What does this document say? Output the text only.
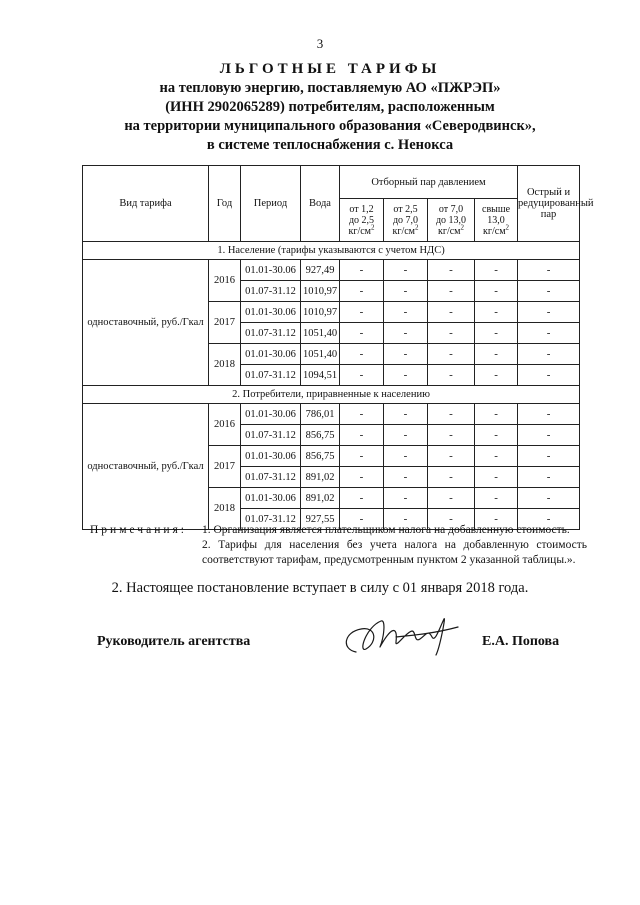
3
ЛЬГОТНЫЕ ТАРИФЫ
на тепловую энергию, поставляемую АО «ПЖРЭП»
(ИНН 2902065289) потребителям, расположенным
на территории муниципального образования «Северодвинск»,
в системе теплоснабжения с. Ненокса
Вид тарифа	Год	Период	Вода	Отборный пар давлением				Острый и редуцированный пар
				от 1,2
до 2,5
$кг/см^2$	от 2,5
до 7,0
$кг/см^2$	от 7,0
до 13,0
$кг/см^2$	свыше
13,0
$кг/см^2$
1. Население (тарифы указываются с учетом НДС)								
одноставочный, руб./Гкал	2016	01.01-30.06	927,49	-	-	-	-	-
		01.07-31.12	1010,97	-	-	-	-	-
	2017	01.01-30.06	1010,97	-	-	-	-	-
		01.07-31.12	1051,40	-	-	-	-	-
	2018	01.01-30.06	1051,40	-	-	-	-	-
		01.07-31.12	1094,51	-	-	-	-	-
2. Потребители, приравненные к населению								
одноставочный, руб./Гкал	2016	01.01-30.06	786,01	-	-	-	-	-
		01.07-31.12	856,75	-	-	-	-	-
	2017	01.01-30.06	856,75	-	-	-	-	-
		01.07-31.12	891,02	-	-	-	-	-
	2018	01.01-30.06	891,02	-	-	-	-	-
		01.07-31.12	927,55	-	-	-	-	-
Примечания: 1. Организация является плательщиком налога на добавленную стоимость.
2. Тарифы для населения без учета налога на добавленную стоимость соответствуют тарифам, предусмотренным пунктом 2 указанной таблицы.».
2. Настоящее постановление вступает в силу с 01 января 2018 года.
Руководитель агентства	Е.А. Попова
